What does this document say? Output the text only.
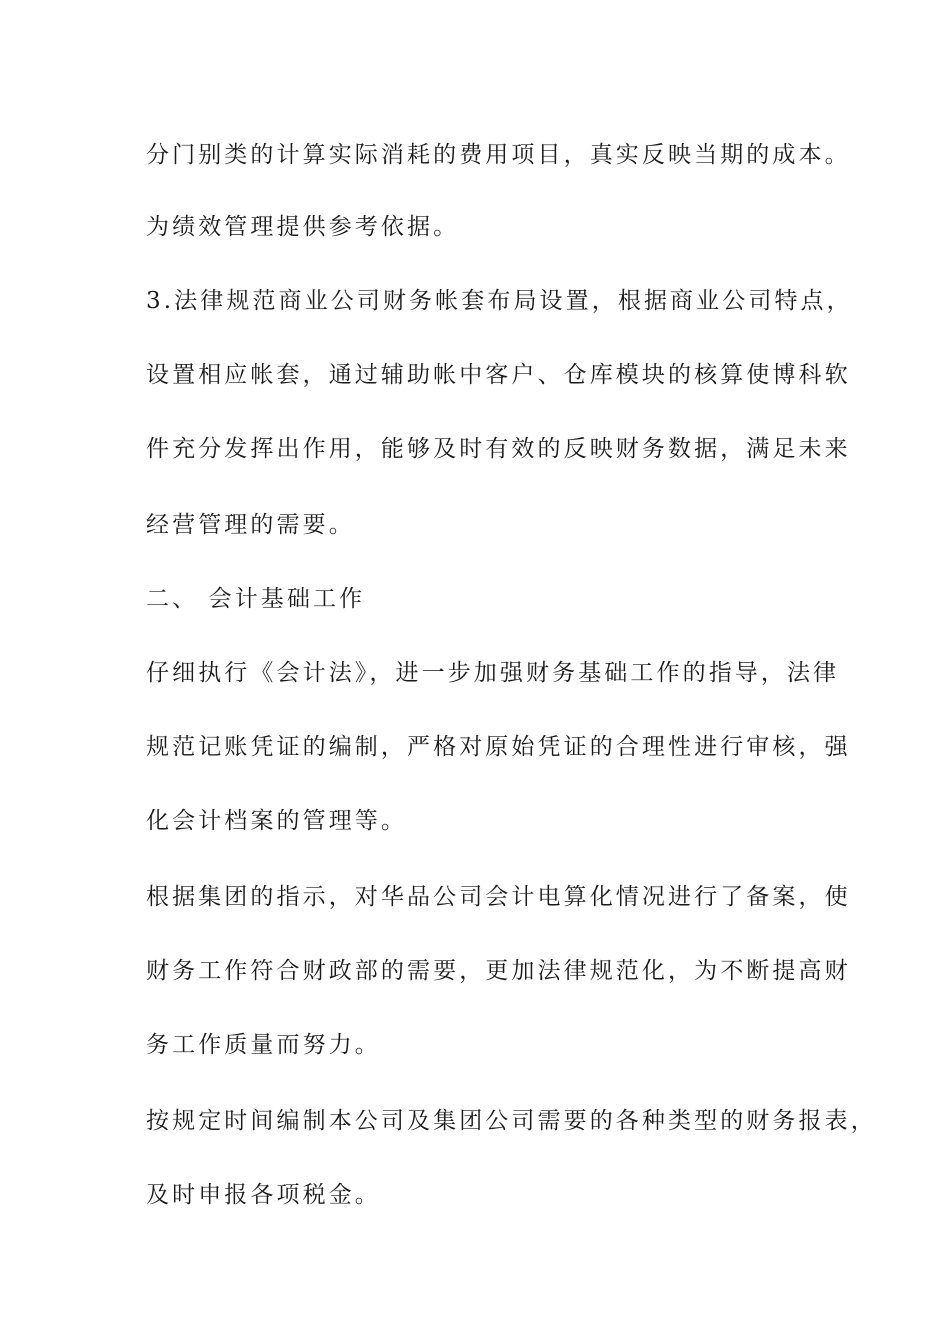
分门别类的计算实际消耗的费用项目，真实反映当期的成本。

为绩效管理提供参考依据。

3.法律规范商业公司财务帐套布局设置，根据商业公司特点，

设置相应帐套，通过辅助帐中客户、仓库模块的核算使博科软

件充分发挥出作用，能够及时有效的反映财务数据，满足未来

经营管理的需要。

二、 会计基础工作

仔细执行《会计法》，进一步加强财务基础工作的指导，法律

规范记账凭证的编制，严格对原始凭证的合理性进行审核，强

化会计档案的管理等。

根据集团的指示，对华品公司会计电算化情况进行了备案，使

财务工作符合财政部的需要，更加法律规范化，为不断提高财

务工作质量而努力。

按规定时间编制本公司及集团公司需要的各种类型的财务报表，

及时申报各项税金。
